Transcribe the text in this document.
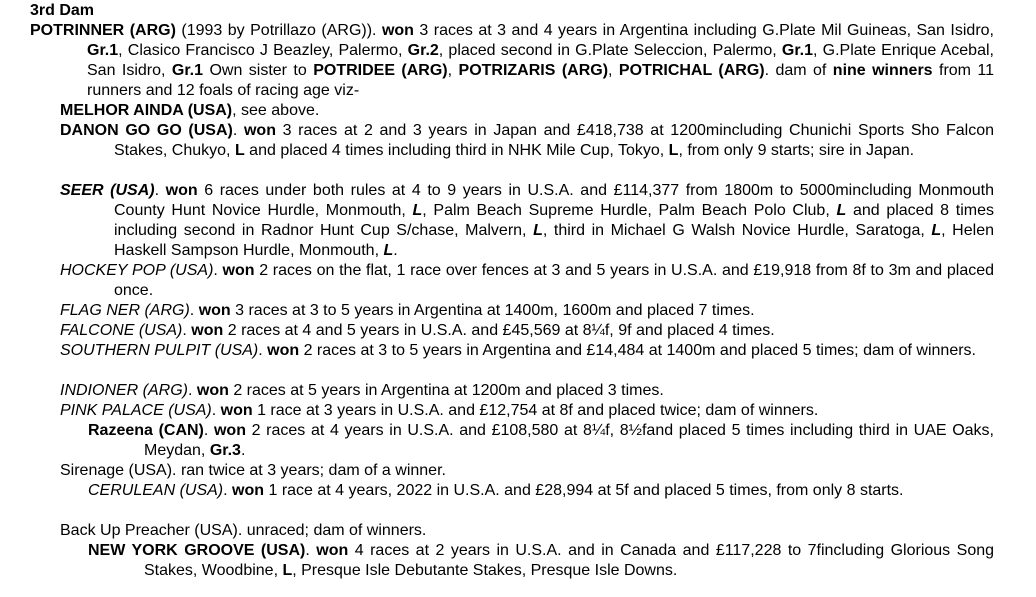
3rd Dam

POTRINNER (ARG) (1993 by Potrillazo (ARG)). won 3 races at 3 and 4 years in Argentina including G.Plate Mil Guineas, San Isidro, Gr.1, Clasico Francisco J Beazley, Palermo, Gr.2, placed second in G.Plate Seleccion, Palermo, Gr.1, G.Plate Enrique Acebal, San Isidro, Gr.1 Own sister to POTRIDEE (ARG), POTRIZARIS (ARG), POTRICHAL (ARG). dam of nine winners from 11 runners and 12 foals of racing age viz-

MELHOR AINDA (USA), see above.

DANON GO GO (USA). won 3 races at 2 and 3 years in Japan and £418,738 at 1200mincluding Chunichi Sports Sho Falcon Stakes, Chukyo, L and placed 4 times including third in NHK Mile Cup, Tokyo, L, from only 9 starts; sire in Japan.

SEER (USA). won 6 races under both rules at 4 to 9 years in U.S.A. and £114,377 from 1800m to 5000mincluding Monmouth County Hunt Novice Hurdle, Monmouth, L, Palm Beach Supreme Hurdle, Palm Beach Polo Club, L and placed 8 times including second in Radnor Hunt Cup S/chase, Malvern, L, third in Michael G Walsh Novice Hurdle, Saratoga, L, Helen Haskell Sampson Hurdle, Monmouth, L.

HOCKEY POP (USA). won 2 races on the flat, 1 race over fences at 3 and 5 years in U.S.A. and £19,918 from 8f to 3m and placed once.

FLAG NER (ARG). won 3 races at 3 to 5 years in Argentina at 1400m, 1600m and placed 7 times.

FALCONE (USA). won 2 races at 4 and 5 years in U.S.A. and £45,569 at 8¼f, 9f and placed 4 times.

SOUTHERN PULPIT (USA). won 2 races at 3 to 5 years in Argentina and £14,484 at 1400m and placed 5 times; dam of winners.

INDIONER (ARG). won 2 races at 5 years in Argentina at 1200m and placed 3 times.

PINK PALACE (USA). won 1 race at 3 years in U.S.A. and £12,754 at 8f and placed twice; dam of winners.

Razeena (CAN). won 2 races at 4 years in U.S.A. and £108,580 at 8¼f, 8½fand placed 5 times including third in UAE Oaks, Meydan, Gr.3.

Sirenage (USA). ran twice at 3 years; dam of a winner.

CERULEAN (USA). won 1 race at 4 years, 2022 in U.S.A. and £28,994 at 5f and placed 5 times, from only 8 starts.

Back Up Preacher (USA). unraced; dam of winners.

NEW YORK GROOVE (USA). won 4 races at 2 years in U.S.A. and in Canada and £117,228 to 7fincluding Glorious Song Stakes, Woodbine, L, Presque Isle Debutante Stakes, Presque Isle Downs.
